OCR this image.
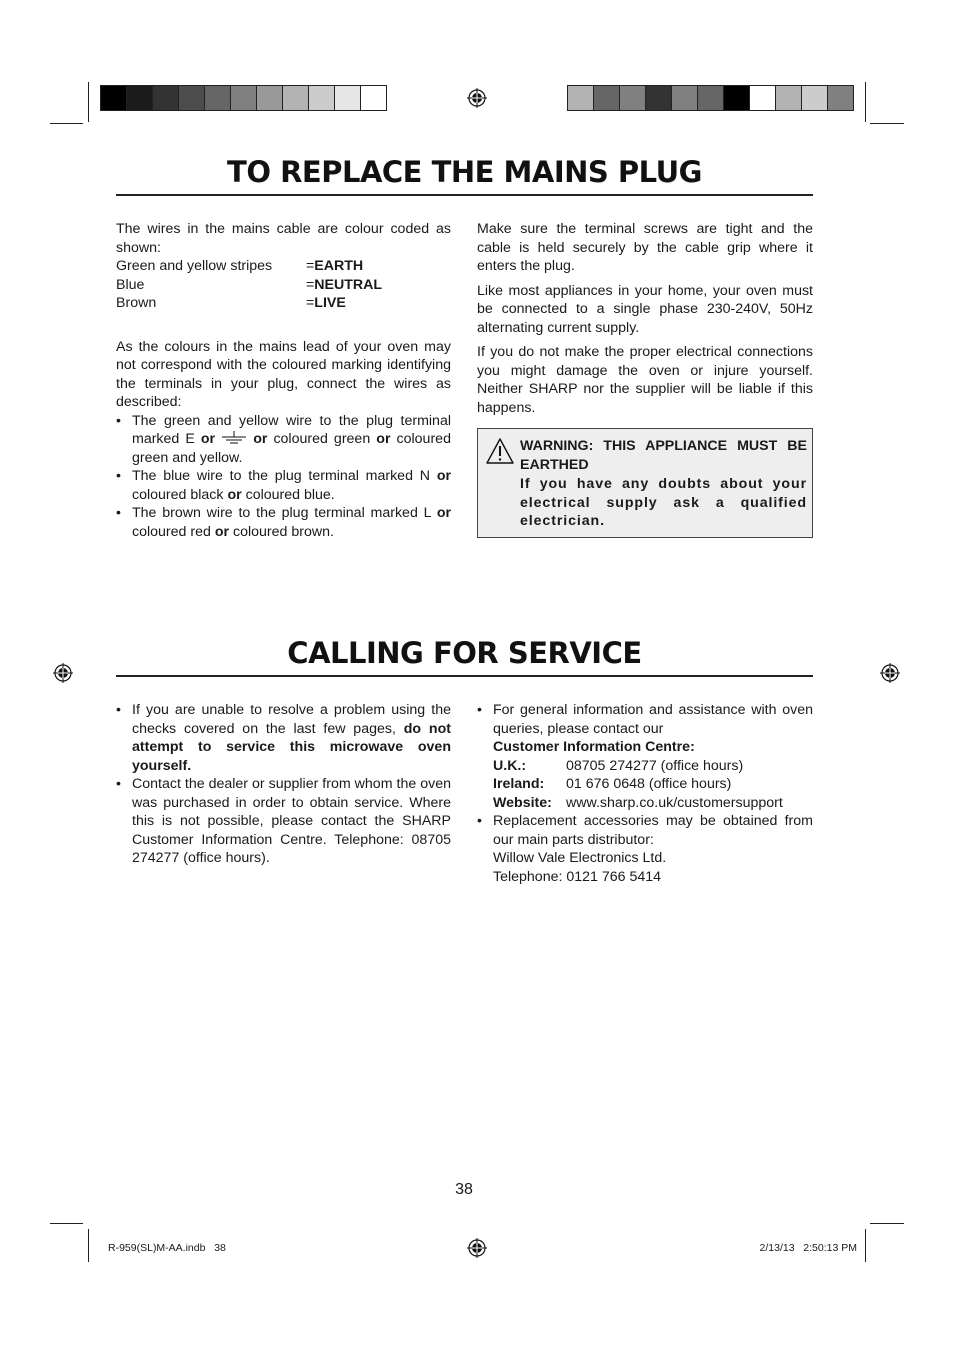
TO REPLACE THE MAINS PLUG

The wires in the mains cable are colour coded as shown:

Green and yellow stripes	= EARTH
Blue	= NEUTRAL
Brown	= LIVE

As the colours in the mains lead of your oven may not correspond with the coloured marking identifying the terminals in your plug, connect the wires as described:

• The green and yellow wire to the plug terminal marked E or	or coloured green or coloured green and yellow.
• The blue wire to the plug terminal marked N or coloured black or coloured blue.
• The brown wire to the plug terminal marked L or coloured red or coloured brown.

Make sure the terminal screws are tight and the cable is held securely by the cable grip where it enters the plug.

Like most appliances in your home, your oven must be connected to a single phase 230-240V, 50Hz alternating current supply.

If you do not make the proper electrical connections you might damage the oven or injure yourself. Neither SHARP nor the supplier will be liable if this happens.

WARNING: THIS APPLIANCE MUST BE EARTHED
If you have any doubts about your electrical supply ask a qualified electrician.
CALLING FOR SERVICE
• If you are unable to resolve a problem using the checks covered on the last few pages, do not attempt to service this microwave oven yourself.
• Contact the dealer or supplier from whom the oven was purchased in order to obtain service. Where this is not possible, please contact the SHARP Customer Information Centre. Telephone: 08705 274277 (office hours).
• For general information and assistance with oven queries, please contact our
Customer Information Centre:
U.K.:	08705 274277 (office hours)
Ireland:	01 676 0648 (office hours)
Website: www.sharp.co.uk/customersupport
• Replacement accessories may be obtained from our main parts distributor:
Willow Vale Electronics Ltd.
Telephone: 0121 766 5414
38
R-959(SL)M-AA.indb   38	2/13/13   2:50:13 PM
